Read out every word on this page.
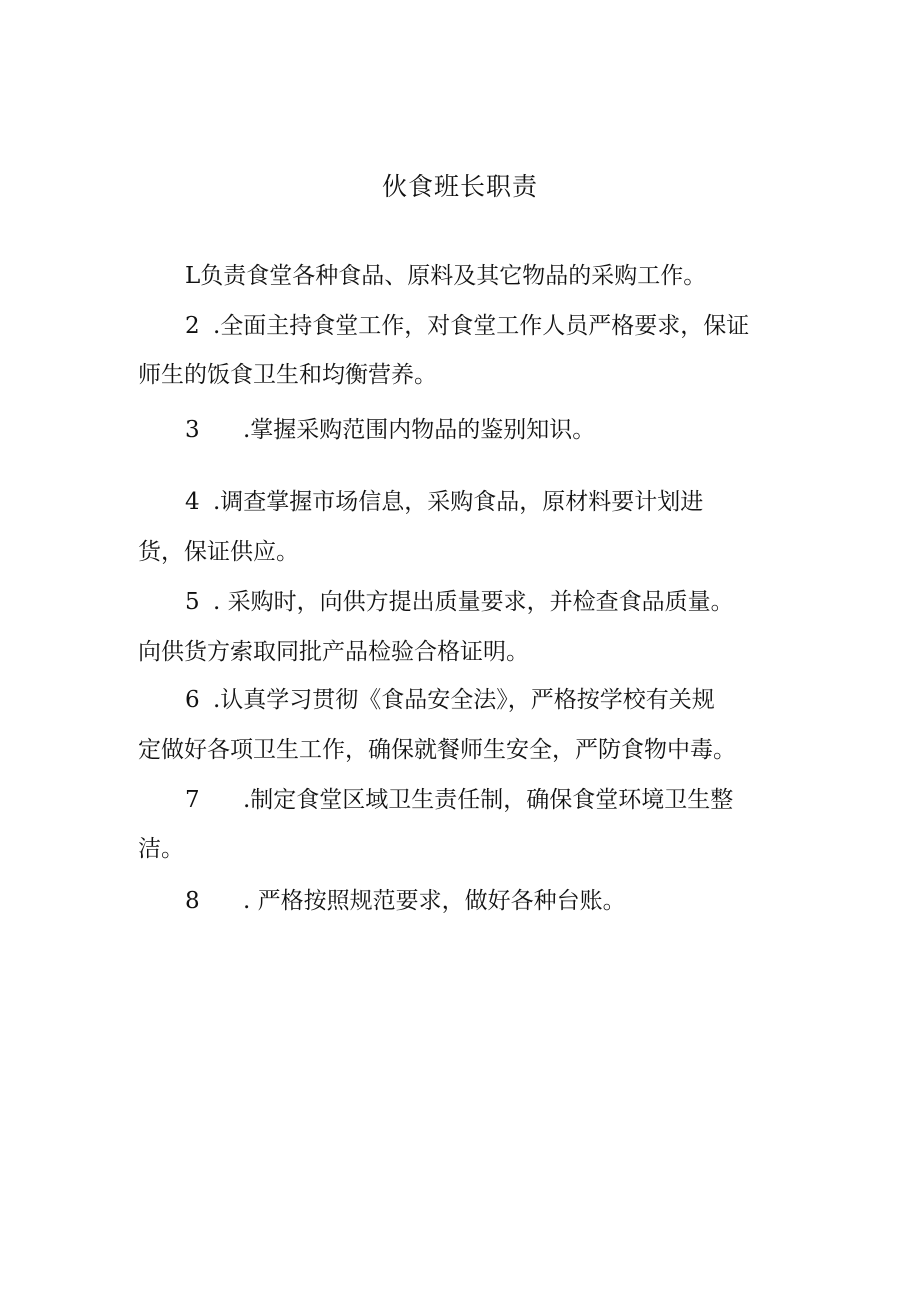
伙食班长职责
L负责食堂各种食品、原料及其它物品的采购工作。
2 .全面主持食堂工作，对食堂工作人员严格要求，保证
师生的饭食卫生和均衡营养。
3 .掌握采购范围内物品的鉴别知识。
4 .调查掌握市场信息，采购食品，原材料要计划进
货，保证供应。
5 . 采购时，向供方提出质量要求，并检查食品质量。
向供货方索取同批产品检验合格证明。
6 .认真学习贯彻《食品安全法》，严格按学校有关规
定做好各项卫生工作，确保就餐师生安全，严防食物中毒。
7 .制定食堂区域卫生责任制，确保食堂环境卫生整
洁。
8 . 严格按照规范要求，做好各种台账。
